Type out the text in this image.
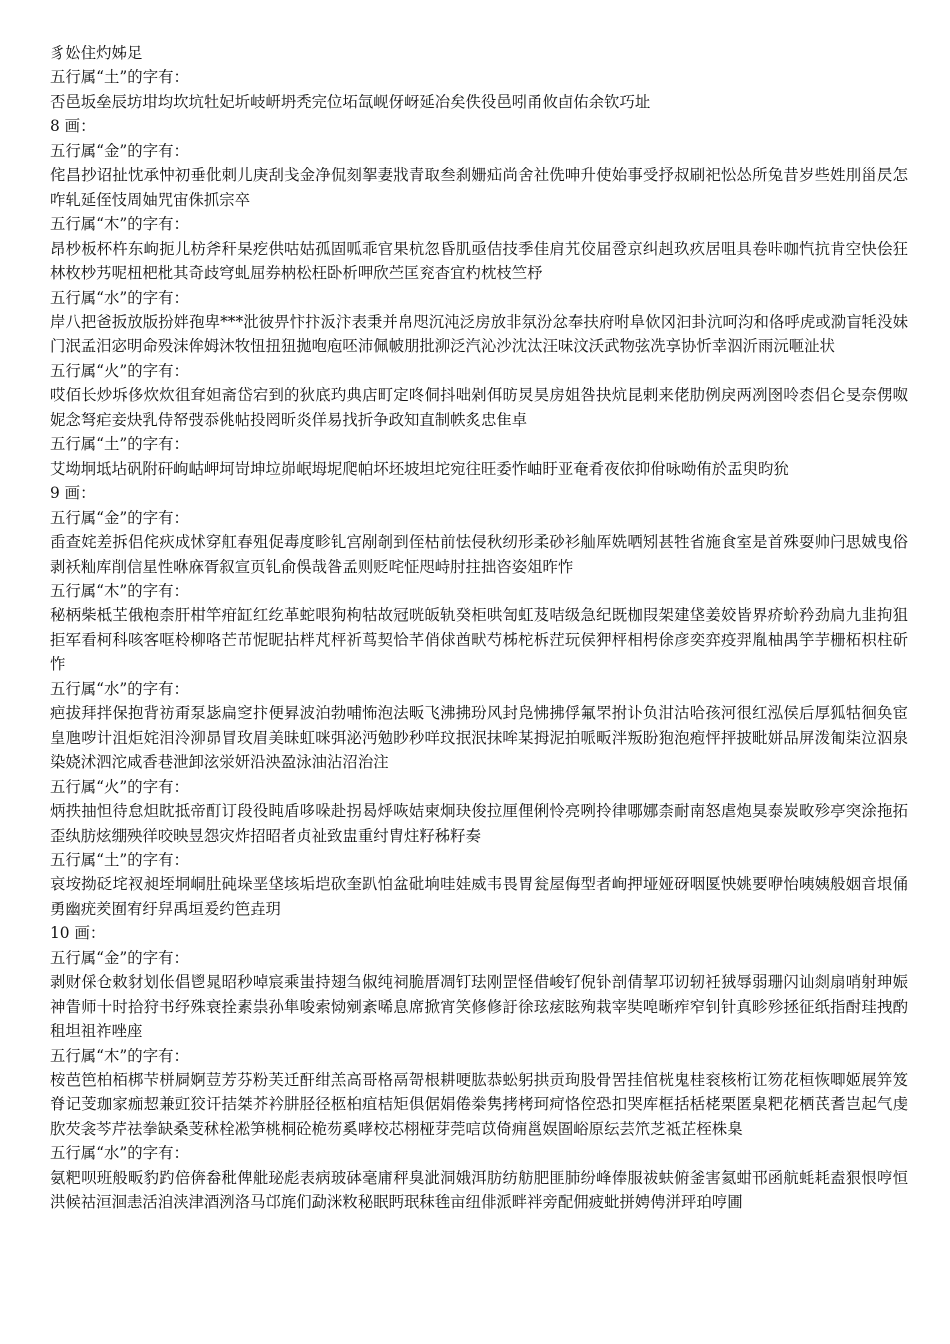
豸妐住灼姊足

五行属“土”的字有：

否邑坂垒辰坊坩均坎坑牡妃圻岐岍坍秃完位坧氙岘伢岈延冶矣佚役邑吲甬攸卣佑余钦巧址

8 画：

五行属“金”的字有：

侘昌抄诏扯忱承忡初垂仳刺儿庚刮戋金净侃刻挐妻戕青取叁刹姗疝尚舍社侁呻升使始事受抒叔刷祀忪怂所兔昔岁些姓刖甾昃怎咋轧延侄忮周妯咒宙侏抓宗卒

五行属“木”的字有：

昂杪板杯杵东岣扼儿枋斧秆杲疙供咕姑孤固呱乖官果杭忽昏肌亟佶技季佳肩艽佼届卺京纠赳玖疚居咀具卷咔咖忾抗肯空快侩狂林枚杪艿呢杻杷枇其奇歧穹虬屈券枘松枉卧析呷欣苎匡兖杳宜杓枕枝竺杼

五行属“水”的字有：

岸八把爸扳放版扮姅孢卑***沘彼畀忭抃汳汴表秉并帛咫沉沌泛房放非氛汾忿奉扶府咐阜佽冈汩卦沆呵汮和佫呼虎或泐盲牦没妹门泯孟汨宓明命殁沫侔姆沐牧忸扭狃拋咆庖呸沛佩帔朋批泖泛汽沁沙沈汰汪味汶沃武物弦冼享协忻幸泅沂雨沅咂沚状

五行属“火”的字有：

哎佰长炒坼侈炊炊徂耷妲斋岱宕到的狄底玓典店町定咚侗抖咄剁佴昉炅昊房姐咎抉炕昆剌来佬肋例戾两冽囹呤枩侣仑旻奈侽呶妮念弩疟妾炔乳侍帑弢忝佻帖投罔昕炎佯易找折争政知直制帙炙忠隹卓

五行属“土”的字有：

艾坳坰坻坫矾附矸岣岵岬坷岢坤垃峁岷坶坭爬帕坏坯坡坦坨宛往旺委怍岫盱亚奄肴夜依抑佾咏呦侑於盂臾昀狁

9 画：

五行属“金”的字有：

臿查姹差拆侣侘疢成怵穿舡春殂促毒度畛钆宫剐剞到侄枯前怯侵秋纫形柔砂衫舢厍姺哂矧甚牲省施食室是首殊耍帅闩思娀曳俗剥袄籼库削信星性咻庥胥叙宣页钆俞俁哉昝孟则贬咤怔咫峙肘拄拙咨姿俎昨怍

五行属“木”的字有：

秘柄柴柢芏俄枹柰肝柑竿疳缸红纥革蛇哏狗枸牯故冠咣皈轨癸柜哄訇虹芨咭级急纪既枷叚架建垡姜姣皆界疥蚧矜劲扃九韭拘狙拒军看柯科咳客哐柃柳咯芒芇怩昵拈柈芃枰祈茑契恰芊俏俅酋畎芍柹柁柝茳玩侯狎枰相枵俆彦奕弈疫羿胤柚禺竽芋栅柘枳柱斫怍

五行属“水”的字有：

疤拔拜拌保抱背祊甭泵毖扁窆抃便昪波泊勃哺怖泡法畈飞沸拂玢风封凫怫拂俘氟罘拊讣负泔沽哈孩河很红泓侯后厚狐牯徊奂宦皇虺哕计沮炬姹泪泠泖昴冒玫眉美昧虹咪弭泌沔勉眇秒咩玟抿泯抹哞某拇泥拍哌畈泮叛盼狍泡疱怦抨披毗姘品屏泼匍柒泣泅泉染娆沭泗沱咸香巷泄卸泫泶妍沿泱盈泳油沾沼治注

五行属“火”的字有：

炳抶抽怛待怠炟眈抵帝酊订段役盹盾哆哚赴拐曷烀咴姞柬炯玦俊拉厘俚俐怜亮咧拎律哪娜柰耐南怒虐炮狊泰炭畋殄亭突涂拖拓歪纨肪炫绷殃徉咬映昱怨灾炸招昭者贞祉致盅重纣胄炷籽秭籽奏

五行属“土”的字有：

哀垵拗砭垞衩昶垤垌峒肚砘垛垩垡垓垢垲砍奎趴怕盆砒垧哇娃威韦畏胃瓮屋侮型者峋押垭娅砑咽匽怏姚要咿怡咦姨般姻音垠俑勇幽疣羑囿宥纡舁禹垣爰约笆垚玥

10 画：

五行属“金”的字有：

剥财倸仓敕豺划伥倡鬯晁昭秒啅宸乘蚩持翅刍俶纯祠脆厝凋钉珐刚罡怪借峻钌倪钋剖倩挈邛讱轫衽狨辱弱珊闪讪剡扇哨射珅娠神眚师十时拾狩书纾殊衰拴素祟孙隼唆索恸剜紊唏息席掀宵笑修修訏徐玹痃眩殉栽宰奘唣晰痄窄钊针真畛殄拯征纸指酎珪拽酌租坦祖祚唑座

五行属“木”的字有：

桉芭笆柏栢梆芐栟屙婀荳芳芬粉芙迁酐绀羔高哥格鬲哿根耕哽肱恭蚣躬拱贡珣股骨罟挂倌桄鬼桂衮核桁讧笏花桓恢唧姬展笄笈脊记芰珈家痂恝兼豇狡讦拮桀芥衿肼胫径柩桕疽桔矩倶倨娟倦桊隽拷栲珂疴恪倥恐扣哭库框括栝栳栗匿臬粑花栖芪耆岂起气虔肷芡衾芩芹祛拳缺桑芰秫栓凇笋桃桐砼桅芴奚哮校芯栩桠芽莞唁苡倚痈邕娱圄峪原纭芸笊芝祗芷桎株臬

五行属“水”的字有：

氨粑呗班般畈豹趵倍倴畚秕俾舭珌彪表病玻砵毫庯秤臭泚洞娥洱肪纺舫肥匪肺纷峰俸服祓蚨俯釜害氦蚶邗函航蚝耗盍狠恨哼恒洪候祜洹洄恚活洎浃津酒洌洛马邙旄们勐洣敉秘眠眄珉秣毪亩纽俳派畔袢旁配佣疲蚍拼娉俜洴玶珀哼圃
